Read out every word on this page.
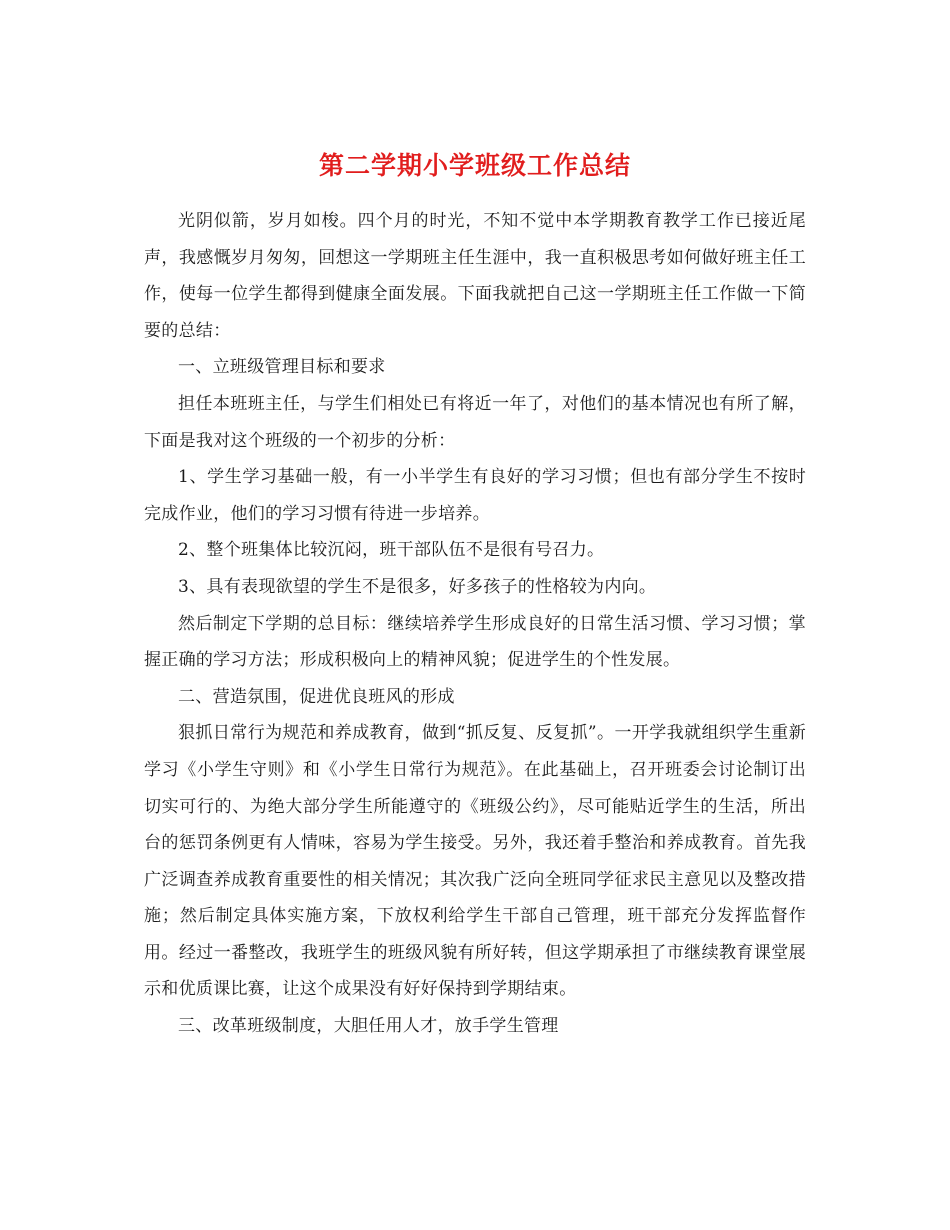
第二学期小学班级工作总结

光阴似箭，岁月如梭。四个月的时光，不知不觉中本学期教育教学工作已接近尾声，我感慨岁月匆匆，回想这一学期班主任生涯中，我一直积极思考如何做好班主任工作，使每一位学生都得到健康全面发展。下面我就把自己这一学期班主任工作做一下简要的总结：

一、立班级管理目标和要求

担任本班班主任，与学生们相处已有将近一年了，对他们的基本情况也有所了解，下面是我对这个班级的一个初步的分析：

1、学生学习基础一般，有一小半学生有良好的学习习惯；但也有部分学生不按时完成作业，他们的学习习惯有待进一步培养。

2、整个班集体比较沉闷，班干部队伍不是很有号召力。

3、具有表现欲望的学生不是很多，好多孩子的性格较为内向。

然后制定下学期的总目标：继续培养学生形成良好的日常生活习惯、学习习惯；掌握正确的学习方法；形成积极向上的精神风貌；促进学生的个性发展。

二、营造氛围，促进优良班风的形成

狠抓日常行为规范和养成教育，做到“抓反复、反复抓”。一开学我就组织学生重新学习《小学生守则》和《小学生日常行为规范》。在此基础上，召开班委会讨论制订出切实可行的、为绝大部分学生所能遵守的《班级公约》，尽可能贴近学生的生活，所出台的惩罚条例更有人情味，容易为学生接受。另外，我还着手整治和养成教育。首先我广泛调查养成教育重要性的相关情况；其次我广泛向全班同学征求民主意见以及整改措施；然后制定具体实施方案，下放权利给学生干部自己管理，班干部充分发挥监督作用。经过一番整改，我班学生的班级风貌有所好转，但这学期承担了市继续教育课堂展示和优质课比赛，让这个成果没有好好保持到学期结束。

三、改革班级制度，大胆任用人才，放手学生管理
